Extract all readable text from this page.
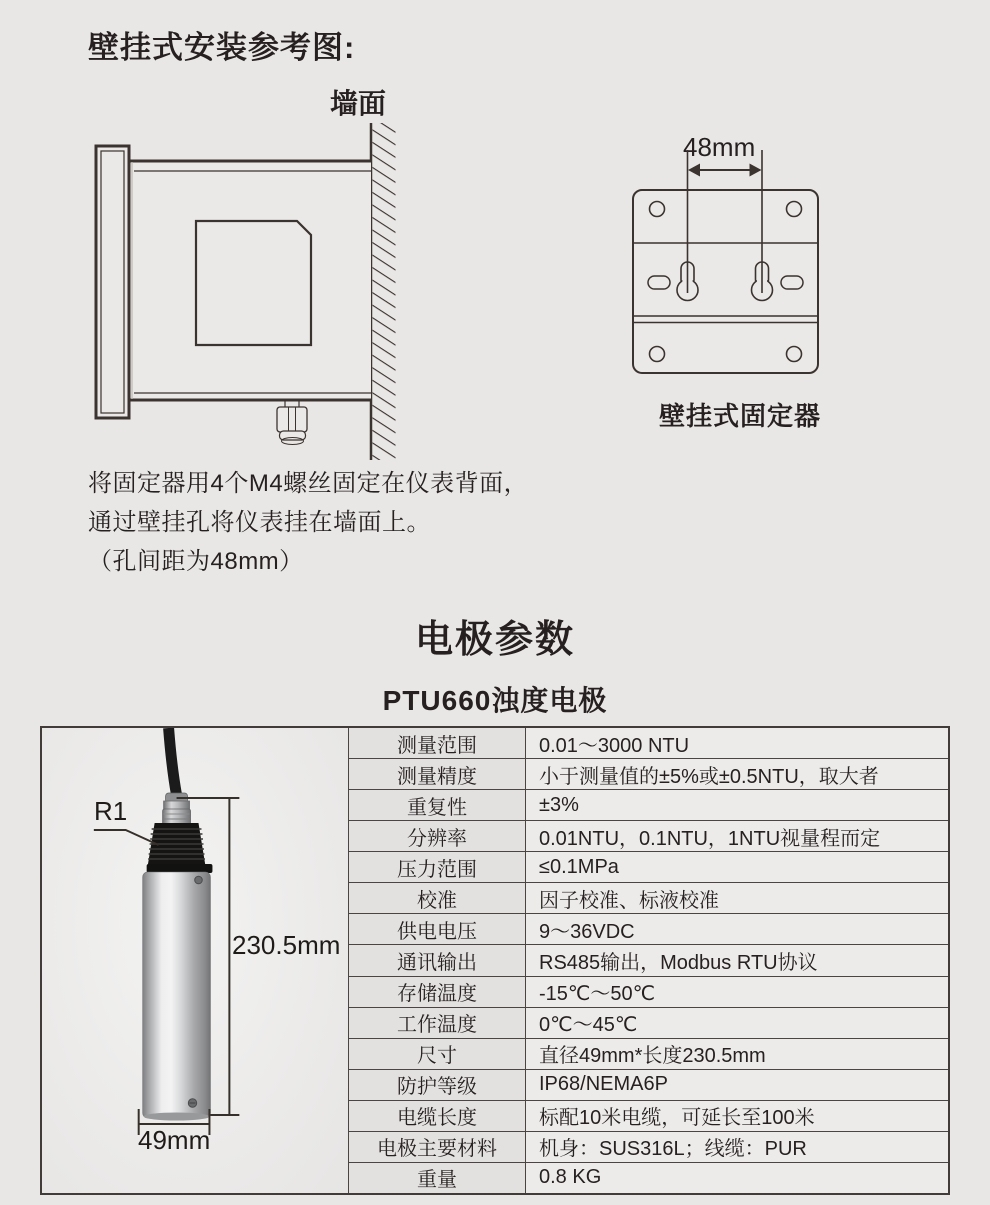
壁挂式安装参考图:
墙面
48mm
壁挂式固定器
将固定器用4个M4螺丝固定在仪表背面，
通过壁挂孔将仪表挂在墙面上。
（孔间距为48mm）
电极参数
PTU660浊度电极
R1
230.5mm
49mm
测量范围	0.01～3000 NTU
测量精度	小于测量值的±5%或±0.5NTU，取大者
重复性	±3%
分辨率	0.01NTU，0.1NTU，1NTU视量程而定
压力范围	≤0.1MPa
校准	因子校准、标液校准
供电电压	9～36VDC
通讯输出	RS485输出，Modbus RTU协议
存储温度	-15℃～50℃
工作温度	0℃～45℃
尺寸	直径49mm*长度230.5mm
防护等级	IP68/NEMA6P
电缆长度	标配10米电缆，可延长至100米
电极主要材料	机身：SUS316L；线缆：PUR
重量	0.8 KG
